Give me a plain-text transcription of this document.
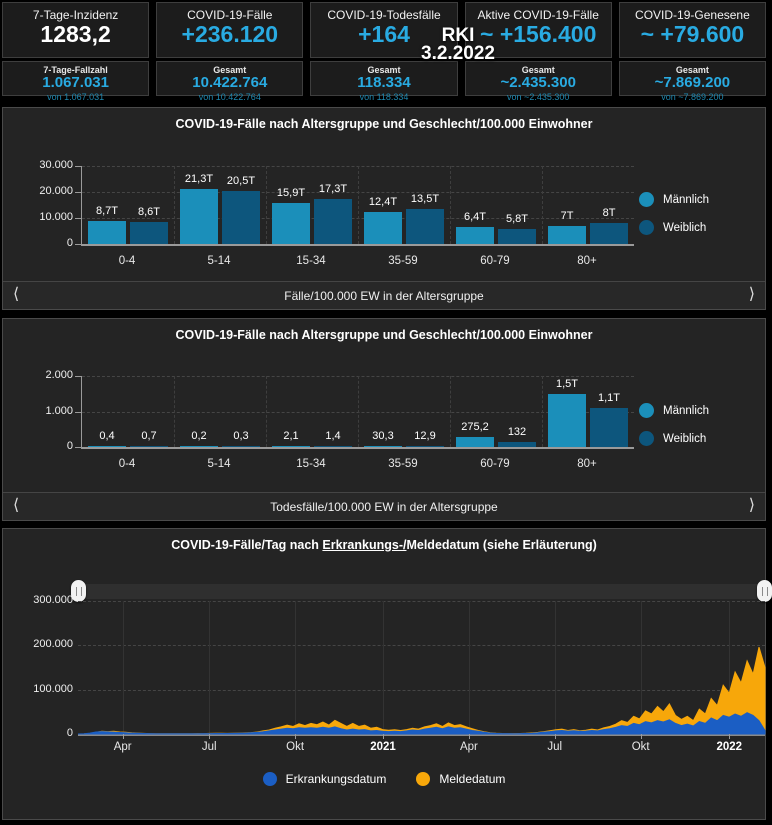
7-Tage-Inzidenz
1283,2
7-Tage-Fallzahl
1.067.031
von 1.067.031
COVID-19-Fälle
+236.120
Gesamt
10.422.764
von 10.422.764
COVID-19-Todesfälle
+164
Gesamt
118.334
von 118.334
Aktive COVID-19-Fälle
~ +156.400
Gesamt
~2.435.300
von ~2.435.300
COVID-19-Genesene
~ +79.600
Gesamt
~7.869.200
von ~7.869.200
RKI
3.2.2022
COVID-19-Fälle nach Altersgruppe und Geschlecht/100.000 Einwohner
8,7T	8,6T
21,3T	20,5T
15,9T	17,3T
12,4T	13,5T
6,4T	5,8T	7T	8T
Männlich
Weiblich
⟨	Fälle/100.000 EW in der Altersgruppe	⟩
30.000
20.000
10.000
0
0-4	5-14	15-34	35-59	60-79	80+
COVID-19-Fälle nach Altersgruppe und Geschlecht/100.000 Einwohner
0,4	0,7	0,2	0,3	2,1	1,4	30,3	12,9
275,2	132
1,5T
1,1T
Männlich
Weiblich
⟨	Todesfälle/100.000 EW in der Altersgruppe	⟩
2.000
1.000
0
0-4	5-14	15-34	35-59	60-79	80+
COVID-19-Fälle/Tag nach Erkrankungs-/Meldedatum (siehe Erläuterung)
Erkrankungsdatum	Meldedatum
300.000
200.000
100.000
0
Apr	Jul	Okt	2021	Apr	Jul	Okt	2022
